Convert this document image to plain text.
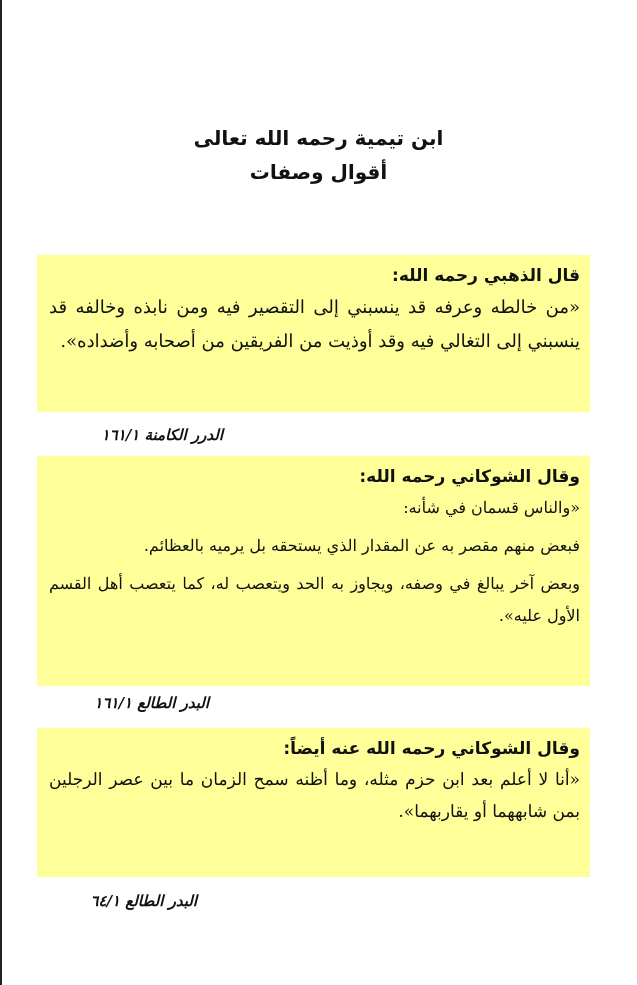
ابن تيمية رحمه الله تعالى
أقوال وصفات

قال الذهبي رحمه الله:

«من خالطه وعرفه قد ينسبني إلى التقصير فيه ومن نابذه وخالفه قد ينسبني إلى التغالي فيه وقد أوذيت من الفريقين من أصحابه وأضداده».

الدرر الكامنة ١٦١/١

وقال الشوكاني رحمه الله:

«والناس قسمان في شأنه:

فبعض منهم مقصر به عن المقدار الذي يستحقه بل يرميه بالعظائم.

وبعض آخر يبالغ في وصفه، ويجاوز به الحد ويتعصب له، كما يتعصب أهل القسم الأول عليه».

البدر الطالع ١٦١/١

وقال الشوكاني رحمه الله عنه أيضاً:

«أنا لا أعلم بعد ابن حزم مثله، وما أظنه سمح الزمان ما بين عصر الرجلين بمن شابههما أو يقاربهما».

البدر الطالع ٦٤/١
